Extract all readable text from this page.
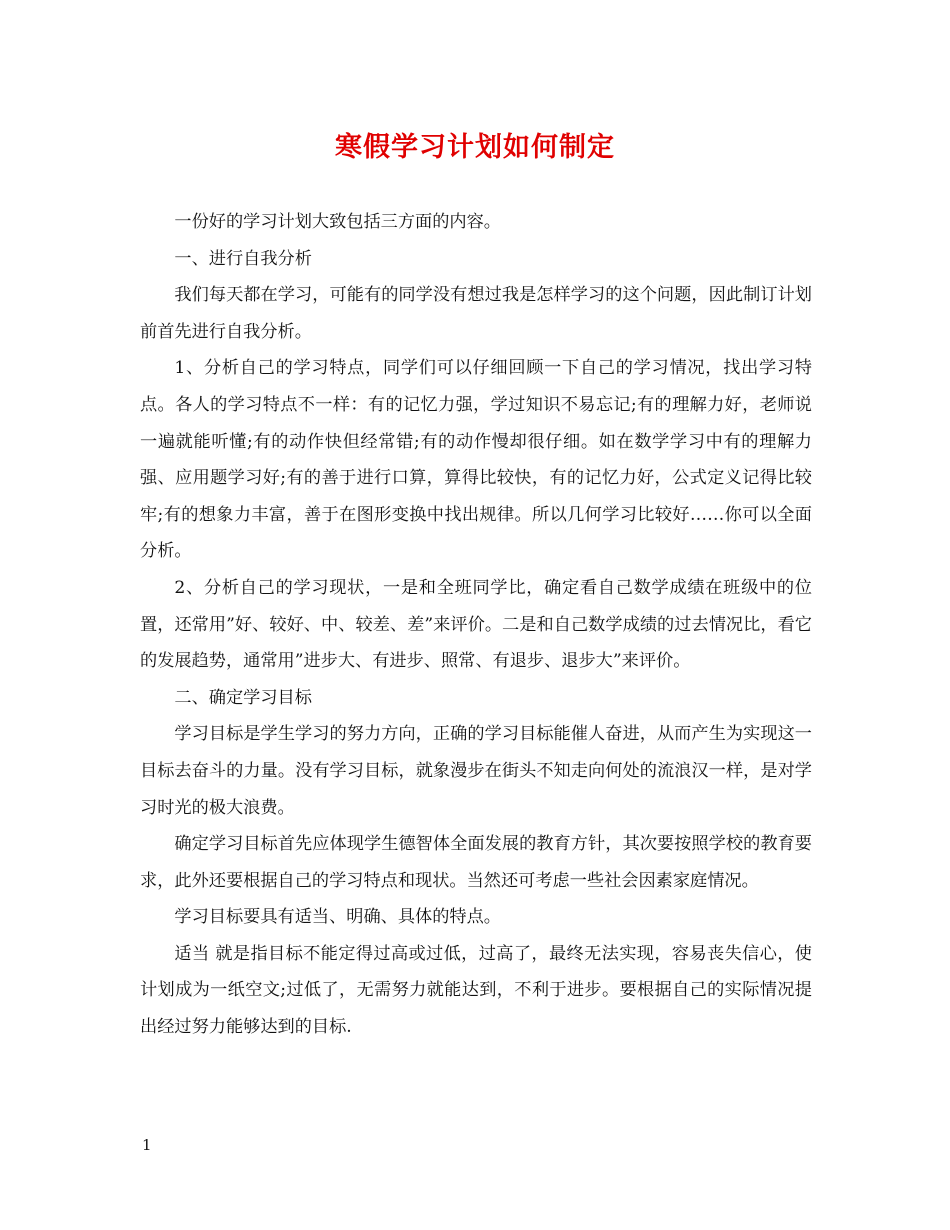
寒假学习计划如何制定

一份好的学习计划大致包括三方面的内容。

一、进行自我分析

我们每天都在学习，可能有的同学没有想过我是怎样学习的这个问题，因此制订计划前首先进行自我分析。

1、分析自己的学习特点，同学们可以仔细回顾一下自己的学习情况，找出学习特点。各人的学习特点不一样：有的记忆力强，学过知识不易忘记;有的理解力好，老师说一遍就能听懂;有的动作快但经常错;有的动作慢却很仔细。如在数学学习中有的理解力强、应用题学习好;有的善于进行口算，算得比较快，有的记忆力好，公式定义记得比较牢;有的想象力丰富，善于在图形变换中找出规律。所以几何学习比较好……你可以全面分析。

2、分析自己的学习现状，一是和全班同学比，确定看自己数学成绩在班级中的位置，还常用”好、较好、中、较差、差”来评价。二是和自己数学成绩的过去情况比，看它的发展趋势，通常用”进步大、有进步、照常、有退步、退步大”来评价。

二、确定学习目标

学习目标是学生学习的努力方向，正确的学习目标能催人奋进，从而产生为实现这一目标去奋斗的力量。没有学习目标，就象漫步在街头不知走向何处的流浪汉一样，是对学习时光的极大浪费。

确定学习目标首先应体现学生德智体全面发展的教育方针，其次要按照学校的教育要求，此外还要根据自己的学习特点和现状。当然还可考虑一些社会因素家庭情况。

学习目标要具有适当、明确、具体的特点。

适当 就是指目标不能定得过高或过低，过高了，最终无法实现，容易丧失信心，使计划成为一纸空文;过低了，无需努力就能达到，不利于进步。要根据自己的实际情况提出经过努力能够达到的目标.

1
